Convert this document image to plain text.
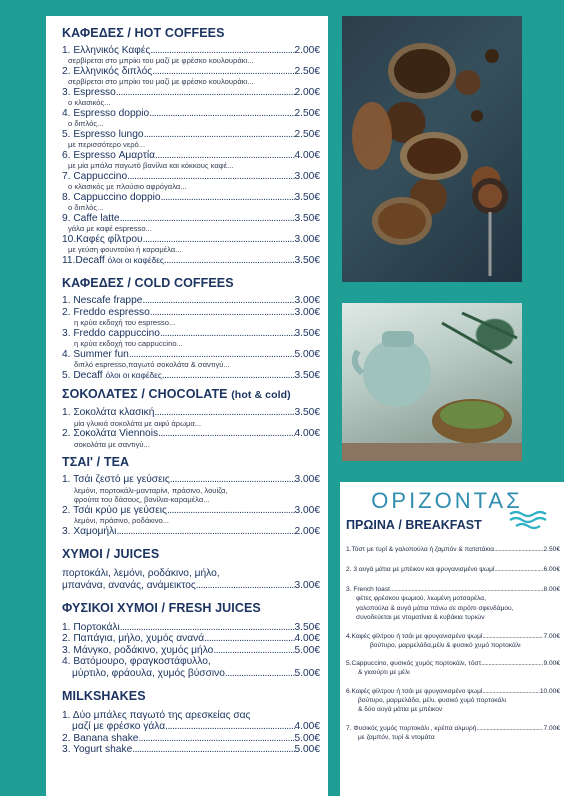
ΚΑΦΕΔΕΣ / HOT COFFEES
1. Ελληνικός Καφές .....	2.00€
σερβίρεται στο μπρίκι του μαζί με φρέσκο κουλουράκι...
2. Ελληνικός διπλός .....	2.50€
σερβίρεται στο μπρίκι του μαζί με φρέσκο κουλουράκι...
3. Espresso .....	2.00€
ο κλασικός...
4. Espresso doppio .....	2.50€
ο διπλός...
5. Espresso lungo .....	2.50€
με περισσότερο νερό...
6. Espresso Αμαρτία .....	4.00€
με μία μπάλα παγωτό βανίλια και κόκκους καφέ...
7. Cappuccino .....	3.00€
ο κλασικός με πλούσιο αφρόγαλα...
8. Cappuccino doppio .....	3.50€
ο διπλός...
9. Caffe latte .....	3.50€
γάλα με καφέ espresso...
10.Καφές φίλτρου .....	3.00€
με γεύση φουντούκι ή καραμέλα...
11.Decaff όλοι οι καφέδες .....	3.50€
ΚΑΦΕΔΕΣ / COLD COFFEES
1. Nescafe frappe .....	3.00€
2. Freddo espresso .....	3.00€
η κρύα εκδοχή του espresso...
3. Freddo cappuccino .....	3.50€
η κρύα εκδοχή του cappuccino...
4. Summer fun .....	5.00€
διπλό espresso,παγωτό σοκολάτα & σαντιγύ...
5. Decaff όλοι οι καφέδες .....	3.50€
ΣΟΚΟΛΑΤΕΣ / CHOCOLATE (hot & cold)
1. Σοκολάτα κλασική .....	3.50€
μία γλυκιά σοκολάτα με αιφύ άρωμα...
2. Σοκολάτα Viennois .....	4.00€
σοκολάτα με σαντιγύ...
ΤΣΑΙ' / TEA
1. Τσάι ζεστό με γεύσεις .....	3.00€
λεμόνι, πορτοκάλι-μανταρίνι, πράσινο, λουίζα,
φρούτα του δάσους, βανίλια-καραμέλα...
2. Τσάι κρύο με γεύσεις .....	3.00€
λεμόνι, πράσινο, ροδάκινο...
3. Χαμομήλι .....	2.00€
ΧΥΜΟΙ / JUICES
πορτοκάλι, λεμόνι, ροδάκινο, μήλο,
μπανάνα, ανανάς, ανάμεικτος .....	3.00€
ΦΥΣΙΚΟΙ ΧΥΜΟΙ / FRESH JUICES
1. Πορτοκάλι .....	3.50€
2. Παπάγια, μήλο, χυμός ανανά .....	4.00€
3. Μάνγκο, ροδάκινο, χυμός μήλο .....	5.00€
4. Βατόμουρο, φραγκοστάφυλλο,
μύρτιλο, φράουλα, χυμός βύσσινο .....	5.00€
MILKSHAKES
1. Δύο μπάλες παγωτό της αρεσκείας σας
μαζί με φρέσκο γάλα .....	4.00€
2. Banana shake .....	5.00€
3. Yogurt shake .....	5.00€
ΟΡΙΖΟΝΤΑΣ
ΠΡΩΙΝΑ / BREAKFAST
1.Τόστ με τυρί & γαλοπούλα ή ζαμπόν & πατατάκια .....	2.50€
2. 3 αυγά μάτια με μπέικον και φρυγανισμένο ψωμί .....	6.00€
3. French toast .....	8.00€
φέτες φρέσκου ψωμιού, λιωμένη μοτσαρέλα,
γαλοπούλα & αυγά μάτια πάνω σε σιρόπι σφενδάμου,
συνοδεύεται με ντοματίνια & κυβάκια τυριών
4.Καφές φίλτρου ή τσάι με φρυγανισμένο ψωμί .....	7.00€
βούτυρο, μαρμελάδα,μέλι & φυσικό χυμό πορτοκάλι
5.Cappuccino, φυσικός χυμός πορτοκάλι, τόστ .....	9.00€
& γιαούρτι με μέλι
6.Καφές φίλτρου ή τσάι με φρυγανισμένο ψωμί .....	10.00€
βούτυρο, μαρμελάδα, μέλι, φυσικό χυμό πορτοκάλι
& δύο αυγά μάτια με μπέικον
7. Φυσικός χυμός πορτοκάλι , κρέπα αλμυρή .....	7.00€
με ζαμπόν, τυρί & ντομάτα
